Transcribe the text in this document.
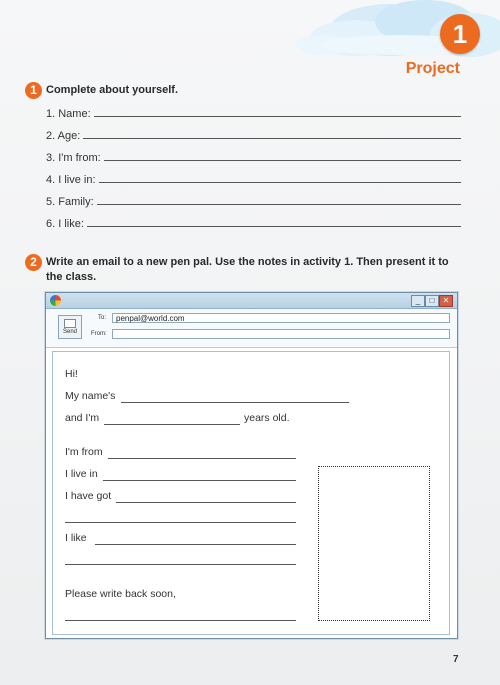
1
Project
1 Complete about yourself.
1. Name:
2. Age:
3. I'm from:
4. I live in:
5. Family:
6. I like:
2 Write an email to a new pen pal. Use the notes in activity 1. Then present it to
the class.
_	□	✕
Send
To:	penpal@world.com
From:
Hi!
My name's
and I'm	years old.
I'm from
I live in
I have got
I like
Please write back soon,
7
